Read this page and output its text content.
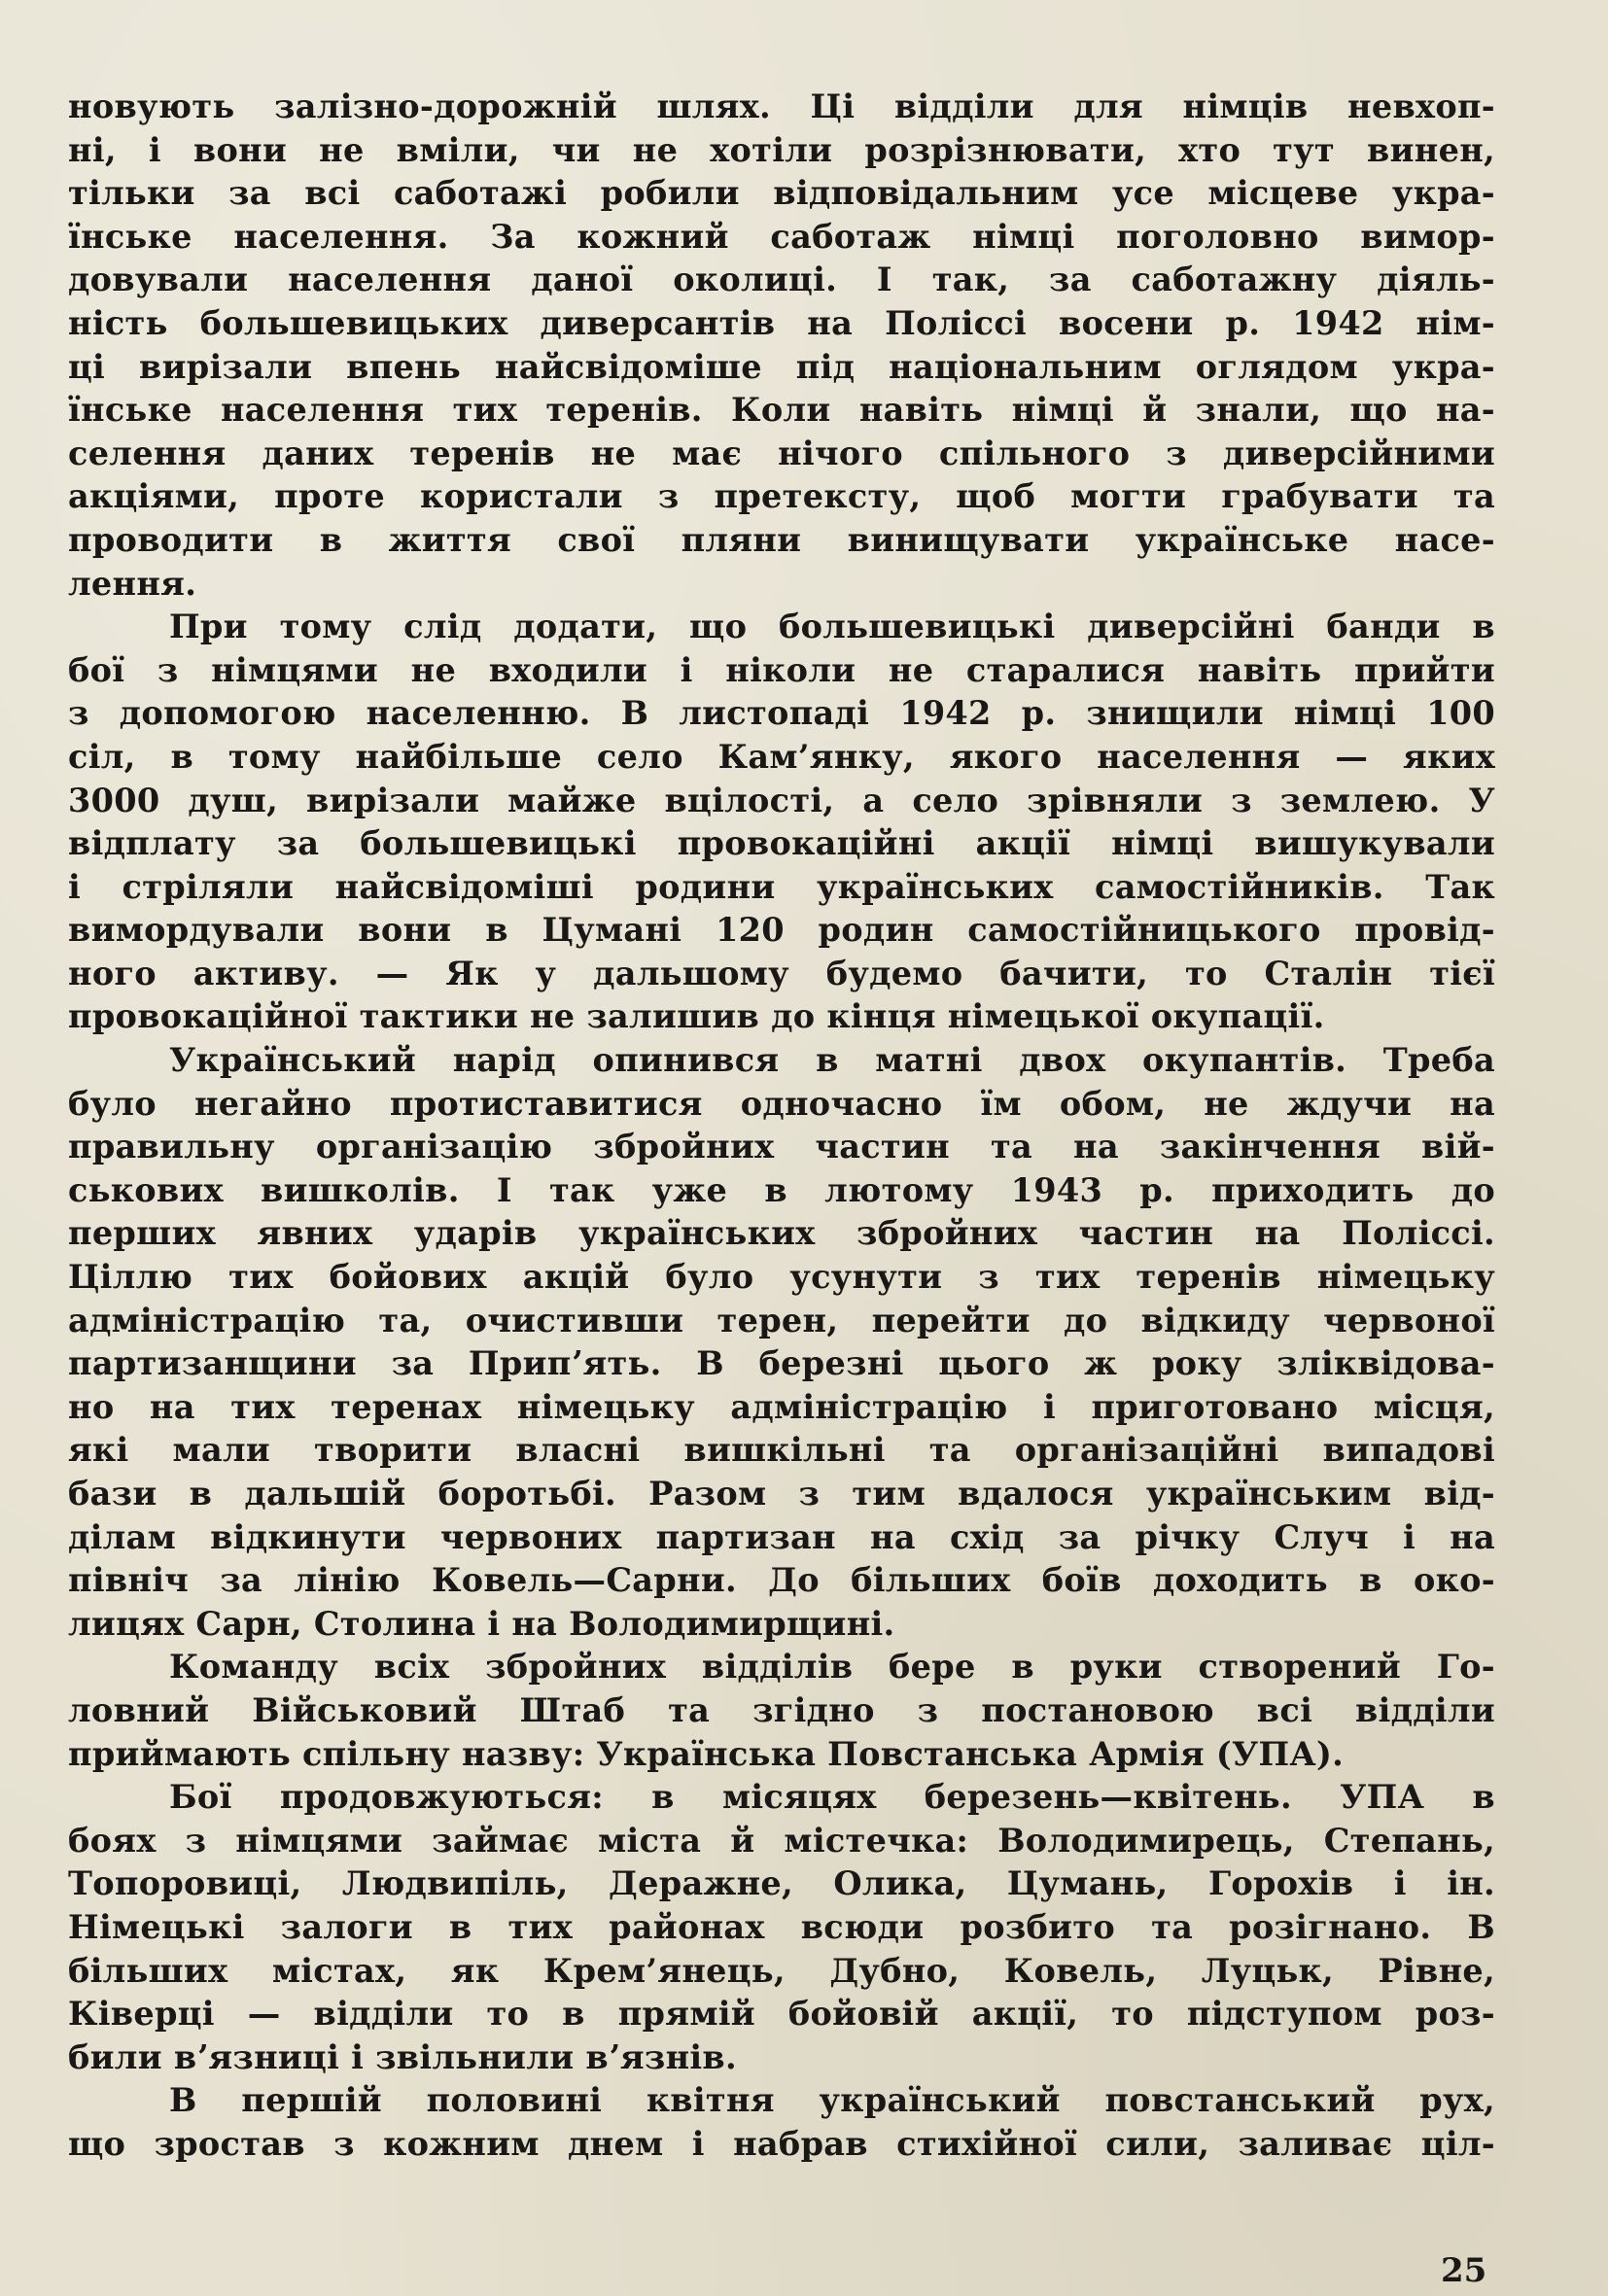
новують залізно-дорожній шлях. Ці відділи для німців невхоп-
ні, і вони не вміли, чи не хотіли розрізнювати, хто тут винен,
тільки за всі саботажі робили відповідальним усе місцеве укра-
їнське населення. За кожний саботаж німці поголовно вимор-
довували населення даної околиці. І так, за саботажну діяль-
ність большевицьких диверсантів на Поліссі восени р. 1942 нім-
ці вирізали впень найсвідоміше під національним оглядом укра-
їнське населення тих теренів. Коли навіть німці й знали, що на-
селення даних теренів не має нічого спільного з диверсійними
акціями, проте користали з претексту, щоб могти грабувати та
проводити в життя свої пляни винищувати українське насе-
лення.
При тому слід додати, що большевицькі диверсійні банди в
бої з німцями не входили і ніколи не старалися навіть прийти
з допомогою населенню. В листопаді 1942 р. знищили німці 100
сіл, в тому найбільше село Кам’янку, якого населення — яких
3000 душ, вирізали майже вцілості, а село зрівняли з землею. У
відплату за большевицькі провокаційні акції німці вишукували
і стріляли найсвідоміші родини українських самостійників. Так
вимордували вони в Цумані 120 родин самостійницького провід-
ного активу. — Як у дальшому будемо бачити, то Сталін тієї
провокаційної тактики не залишив до кінця німецької окупації.
Український нарід опинився в матні двох окупантів. Треба
було негайно протиставитися одночасно їм обом, не ждучи на
правильну організацію збройних частин та на закінчення вій-
ськових вишколів. І так уже в лютому 1943 р. приходить до
перших явних ударів українських збройних частин на Поліссі.
Ціллю тих бойових акцій було усунути з тих теренів німецьку
адміністрацію та, очистивши терен, перейти до відкиду червоної
партизанщини за Припʼять. В березні цього ж року зліквідова-
но на тих теренах німецьку адміністрацію і приготовано місця,
які мали творити власні вишкільні та організаційні випадові
бази в дальшій боротьбі. Разом з тим вдалося українським від-
ділам відкинути червоних партизан на схід за річку Случ і на
північ за лінію Ковель—Сарни. До більших боїв доходить в око-
лицях Сарн, Столина і на Володимирщині.
Команду всіх збройних відділів бере в руки створений Го-
ловний Військовий Штаб та згідно з постановою всі відділи
приймають спільну назву: Українська Повстанська Армія (УПА).
Бої продовжуються: в місяцях березень—квітень. УПА в
боях з німцями займає міста й містечка: Володимирець, Степань,
Топоровиці, Людвипіль, Деражне, Олика, Цумань, Горохів і ін.
Німецькі залоги в тих районах всюди розбито та розігнано. В
більших містах, як Крем’янець, Дубно, Ковель, Луцьк, Рівне,
Ківерці — відділи то в прямій бойовій акції, то підступом роз-
били вʼязниці і звільнили вʼязнів.
В першій половині квітня український повстанський рух,
що зростав з кожним днем і набрав стихійної сили, заливає ціл-
25
